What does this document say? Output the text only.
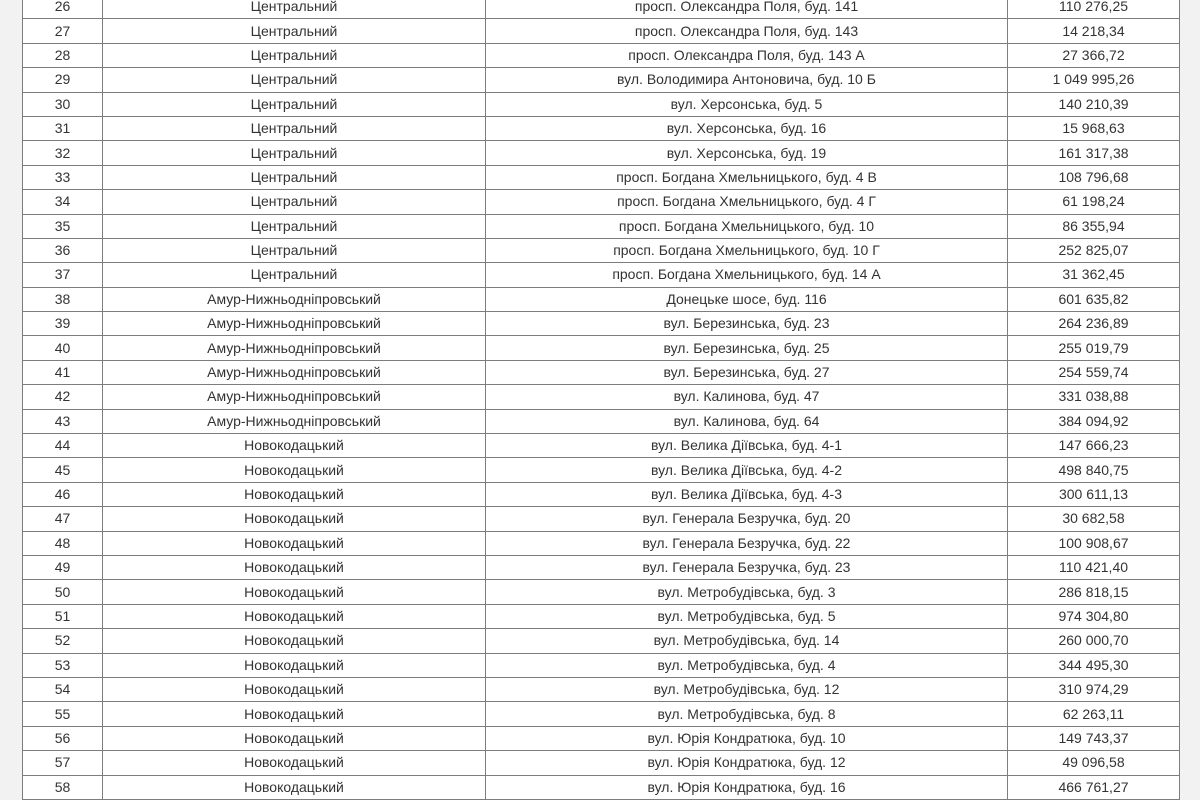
26	Центральний	просп. Олександра Поля, буд. 141	110 276,25
27	Центральний	просп. Олександра Поля, буд. 143	14 218,34
28	Центральний	просп. Олександра Поля, буд. 143 А	27 366,72
29	Центральний	вул. Володимира Антоновича, буд. 10 Б	1 049 995,26
30	Центральний	вул. Херсонська, буд. 5	140 210,39
31	Центральний	вул. Херсонська, буд. 16	15 968,63
32	Центральний	вул. Херсонська, буд. 19	161 317,38
33	Центральний	просп. Богдана Хмельницького, буд. 4 В	108 796,68
34	Центральний	просп. Богдана Хмельницького, буд. 4 Г	61 198,24
35	Центральний	просп. Богдана Хмельницького, буд. 10	86 355,94
36	Центральний	просп. Богдана Хмельницького, буд. 10 Г	252 825,07
37	Центральний	просп. Богдана Хмельницького, буд. 14 А	31 362,45
38	Амур-Нижньодніпровський	Донецьке шосе, буд. 116	601 635,82
39	Амур-Нижньодніпровський	вул. Березинська, буд. 23	264 236,89
40	Амур-Нижньодніпровський	вул. Березинська, буд. 25	255 019,79
41	Амур-Нижньодніпровський	вул. Березинська, буд. 27	254 559,74
42	Амур-Нижньодніпровський	вул. Калинова, буд. 47	331 038,88
43	Амур-Нижньодніпровський	вул. Калинова, буд. 64	384 094,92
44	Новокодацький	вул. Велика Діївська, буд. 4-1	147 666,23
45	Новокодацький	вул. Велика Діївська, буд. 4-2	498 840,75
46	Новокодацький	вул. Велика Діївська, буд. 4-3	300 611,13
47	Новокодацький	вул. Генерала Безручка, буд. 20	30 682,58
48	Новокодацький	вул. Генерала Безручка, буд. 22	100 908,67
49	Новокодацький	вул. Генерала Безручка, буд. 23	110 421,40
50	Новокодацький	вул. Метробудівська, буд. 3	286 818,15
51	Новокодацький	вул. Метробудівська, буд. 5	974 304,80
52	Новокодацький	вул. Метробудівська, буд. 14	260 000,70
53	Новокодацький	вул. Метробудівська, буд. 4	344 495,30
54	Новокодацький	вул. Метробудівська, буд. 12	310 974,29
55	Новокодацький	вул. Метробудівська, буд. 8	62 263,11
56	Новокодацький	вул. Юрія Кондратюка, буд. 10	149 743,37
57	Новокодацький	вул. Юрія Кондратюка, буд. 12	49 096,58
58	Новокодацький	вул. Юрія Кондратюка, буд. 16	466 761,27
